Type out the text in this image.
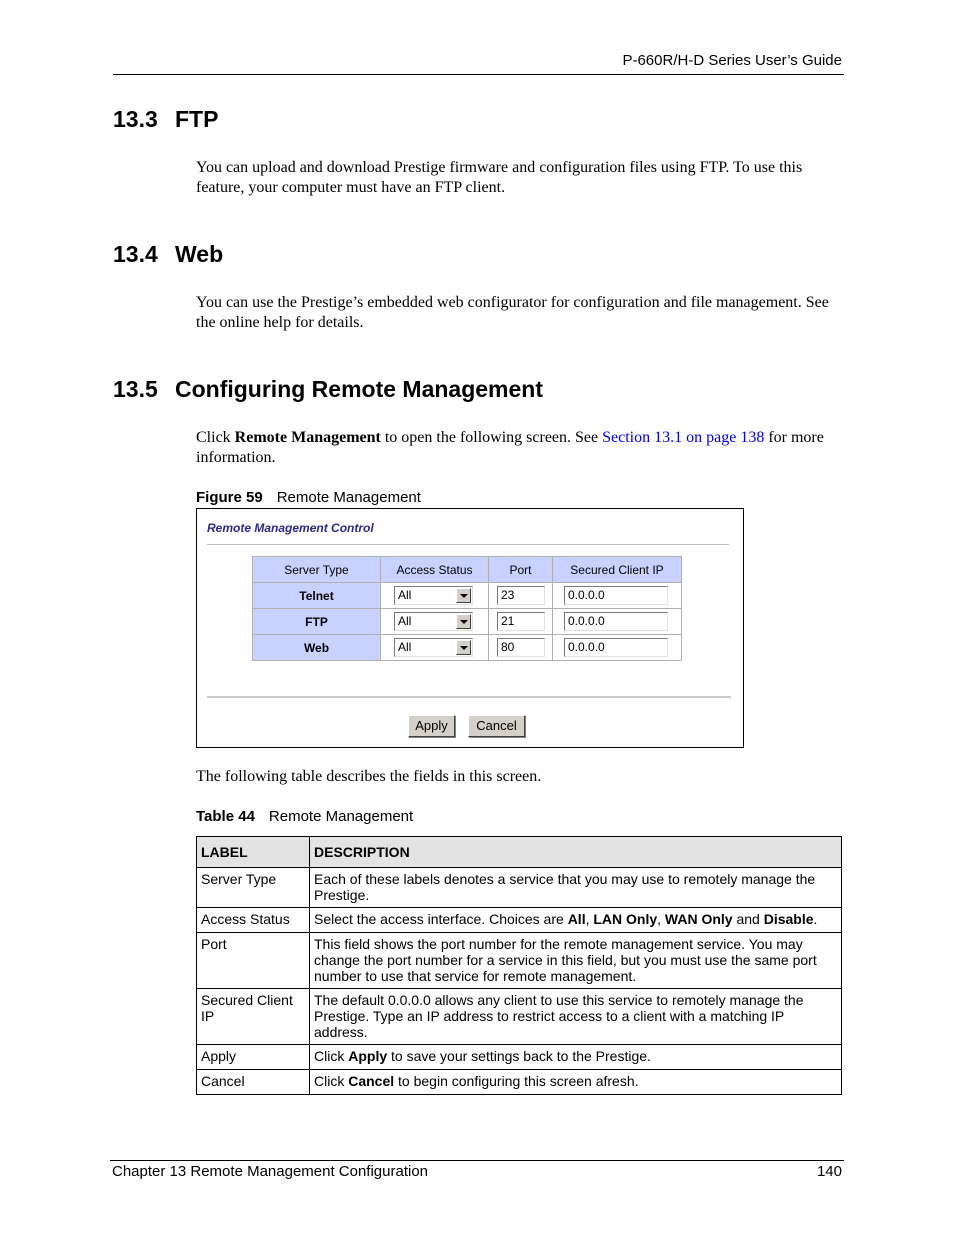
P-660R/H-D Series User’s Guide
13.3 FTP

You can upload and download Prestige firmware and configuration files using FTP. To use this feature, your computer must have an FTP client.

13.4 Web

You can use the Prestige’s embedded web configurator for configuration and file management. See the online help for details.

13.5 Configuring Remote Management

Click Remote Management to open the following screen. See Section 13.1 on page 138 for more information.

Figure 59 Remote Management
Remote Management Control
Server Type	Access Status	Port	Secured Client IP
Telnet	All	23	0.0.0.0

FTP	All	21	0.0.0.0

Web	All	80	0.0.0.0
Apply	Cancel

The following table describes the fields in this screen.

Table 44 Remote Management
LABEL	DESCRIPTION
Server Type	Each of these labels denotes a service that you may use to remotely manage the Prestige.
Access Status	Select the access interface. Choices are All, LAN Only, WAN Only and Disable.
Port	This field shows the port number for the remote management service. You may change the port number for a service in this field, but you must use the same port number to use that service for remote management.
Secured Client IP	The default 0.0.0.0 allows any client to use this service to remotely manage the Prestige. Type an IP address to restrict access to a client with a matching IP address.
Apply	Click Apply to save your settings back to the Prestige.
Cancel	Click Cancel to begin configuring this screen afresh.
Chapter 13 Remote Management Configuration	140
